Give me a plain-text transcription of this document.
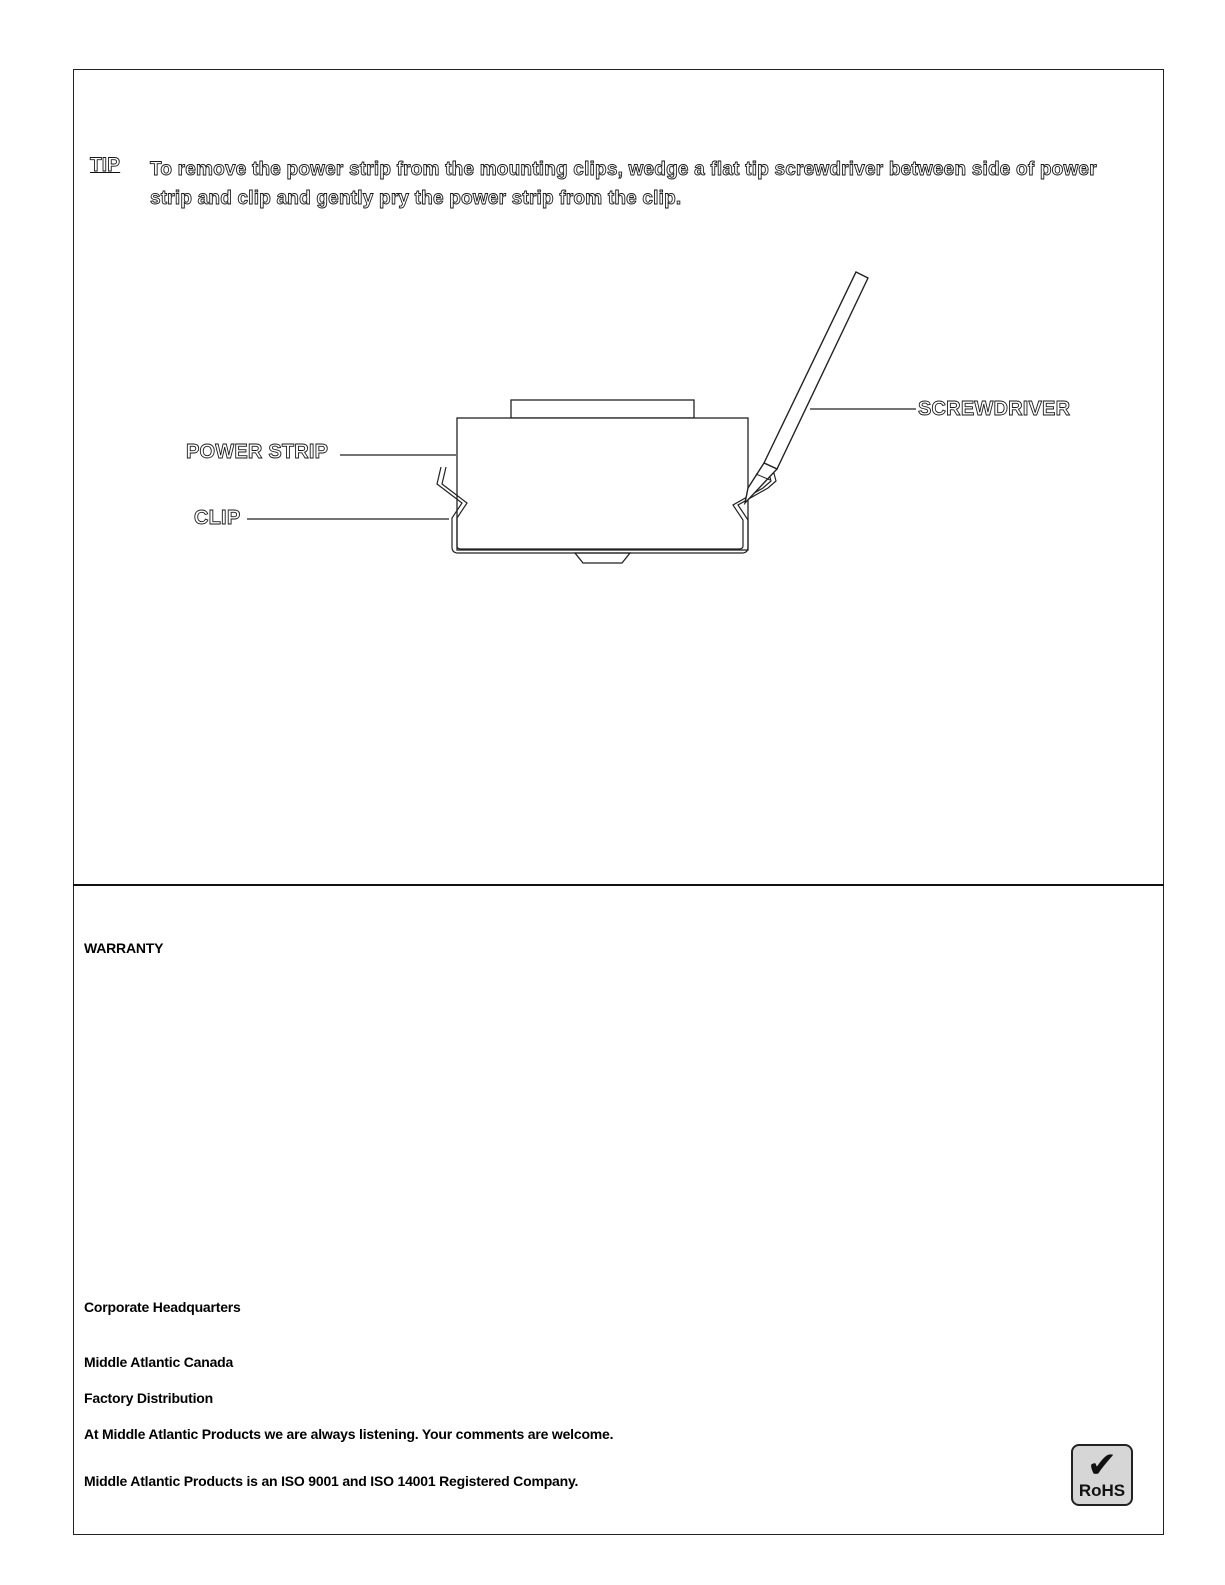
TIP To remove the power strip from the mounting clips, wedge a flat tip screwdriver between side of power strip and clip and gently pry the power strip from the clip.
POWER STRIP
CLIP
SCREWDRIVER
WARRANTY
Corporate Headquarters
Middle Atlantic Canada
Factory Distribution
At Middle Atlantic Products we are always listening. Your comments are welcome.
Middle Atlantic Products is an ISO 9001 and ISO 14001 Registered Company.	✔
RoHS
